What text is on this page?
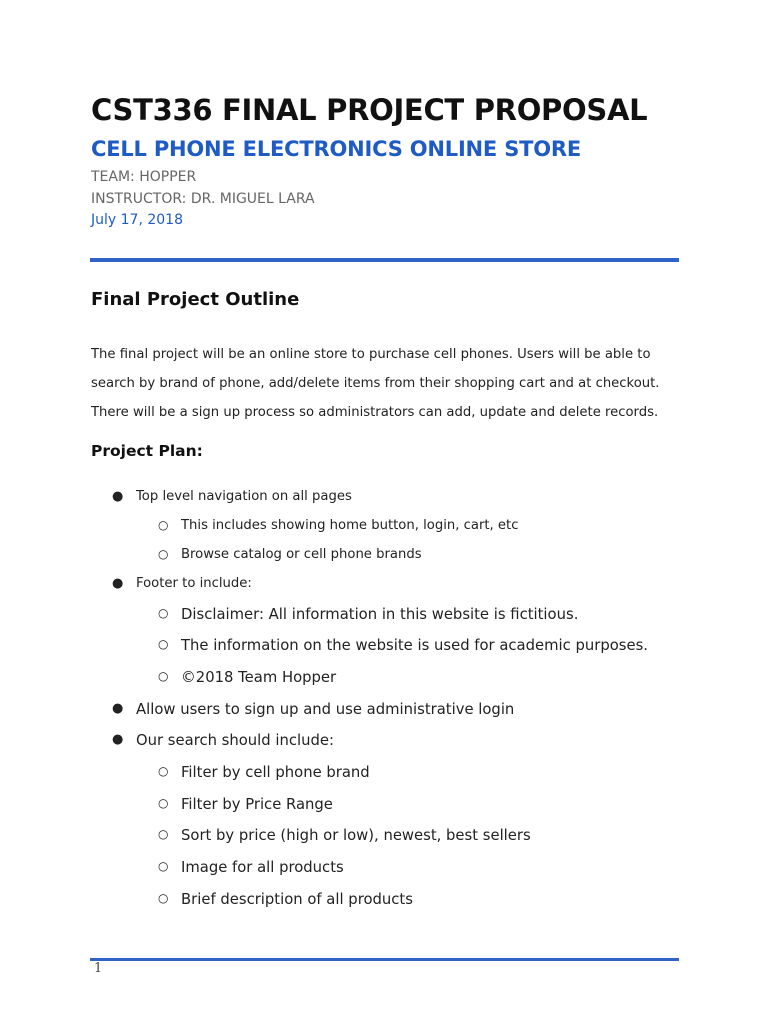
CST336 FINAL PROJECT PROPOSAL
CELL PHONE ELECTRONICS ONLINE STORE
TEAM: HOPPER
INSTRUCTOR: DR. MIGUEL LARA
July 17, 2018
Final Project Outline
The final project will be an online store to purchase cell phones. Users will be able to
search by brand of phone, add/delete items from their shopping cart and at checkout.
There will be a sign up process so administrators can add, update and delete records.
Project Plan:
● Top level navigation on all pages
○ This includes showing home button, login, cart, etc
○ Browse catalog or cell phone brands
● Footer to include:
○ Disclaimer: All information in this website is fictitious.
○ The information on the website is used for academic purposes.
○ ©2018 Team Hopper
● Allow users to sign up and use administrative login
● Our search should include:
○ Filter by cell phone brand
○ Filter by Price Range
○ Sort by price (high or low), newest, best sellers
○ Image for all products
○ Brief description of all products
1
